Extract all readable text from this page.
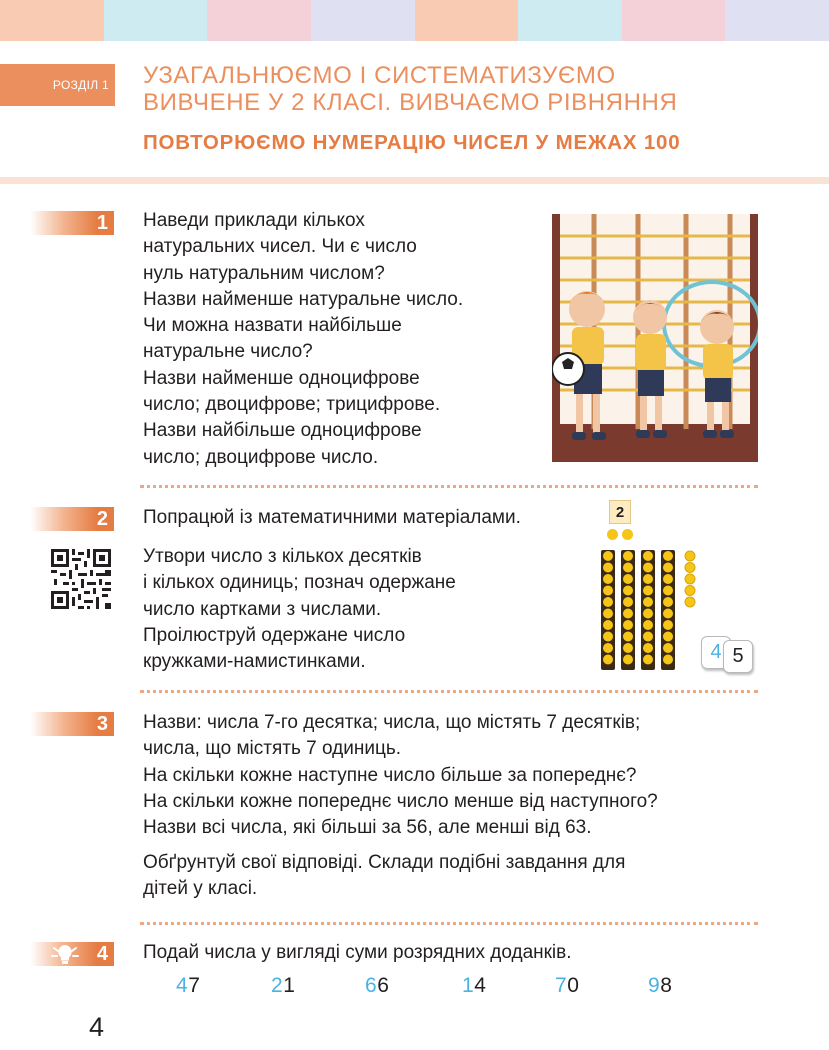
РОЗДІЛ 1 УЗАГАЛЬНЮЄМО І СИСТЕМАТИЗУЄМО
ВИВЧЕНЕ У 2 КЛАСІ. ВИВЧАЄМО РІВНЯННЯ
ПОВТОРЮЄМО НУМЕРАЦІЮ ЧИСЕЛ У МЕЖАХ 100
1	Наведи приклади кількох

натуральних чисел. Чи є число

нуль натуральним числом?

Назви найменше натуральне число.

Чи можна назвати найбільше

натуральне число?

Назви найменше одноцифрове

число; двоцифрове; трицифрове.

Назви найбільше одноцифрове

число; двоцифрове число.

2	Попрацюй із математичними матеріалами.	2

Утвори число з кількох десятків

і кількох одиниць; познач одержане

число картками з числами.

Проілюструй одержане число

кружками-намистинками.	4 5
3	Назви: числа 7-го десятка; числа, що містять 7 десятків;

числа, що містять 7 одиниць.

На скільки кожне наступне число більше за попереднє?

На скільки кожне попереднє число менше від наступного?

Назви всі числа, які більші за 56, але менші від 63.

Обґрунтуй свої відповіді. Склади подібні завдання для

дітей у класі.

4	Подай числа у вигляді суми розрядних доданків.
47	21	66	14	70	98
4
